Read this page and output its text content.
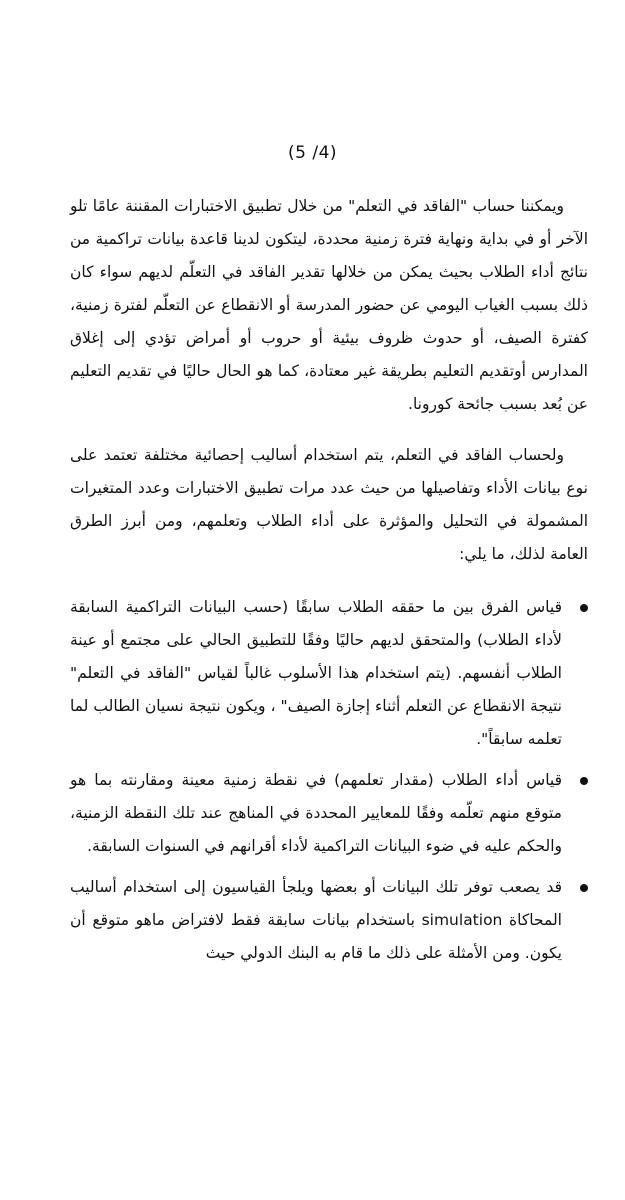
(5 /4)

ويمكننا حساب "الفاقد في التعلم" من خلال تطبيق الاختبارات المقننة عامًا تلو الآخر أو في بداية ونهاية فترة زمنية محددة، ليتكون لدينا قاعدة بيانات تراكمية من نتائج أداء الطلاب بحيث يمكن من خلالها تقدير الفاقد في التعلّم لديهم سواء كان ذلك بسبب الغياب اليومي عن حضور المدرسة أو الانقطاع عن التعلّم لفترة زمنية، كفترة الصيف، أو حدوث ظروف بيئية أو حروب أو أمراض تؤدي إلى إغلاق المدارس أوتقديم التعليم بطريقة غير معتادة، كما هو الحال حاليًا في تقديم التعليم عن بُعد بسبب جائحة كورونا.

ولحساب الفاقد في التعلم، يتم استخدام أساليب إحصائية مختلفة تعتمد على نوع بيانات الأداء وتفاصيلها من حيث عدد مرات تطبيق الاختبارات وعدد المتغيرات المشمولة في التحليل والمؤثرة على أداء الطلاب وتعلمهم، ومن أبرز الطرق العامة لذلك، ما يلي:

قياس الفرق بين ما حققه الطلاب سابقًا (حسب البيانات التراكمية السابقة لأداء الطلاب) والمتحقق لديهم حاليًا وفقًا للتطبيق الحالي على مجتمع أو عينة الطلاب أنفسهم. (يتم استخدام هذا الأسلوب غالباً لقياس "الفاقد في التعلم" نتيجة الانقطاع عن التعلم أثناء إجازة الصيف" ، ويكون نتيجة نسيان الطالب لما تعلمه سابقاً".
قياس أداء الطلاب (مقدار تعلمهم) في نقطة زمنية معينة ومقارنته بما هو متوقع منهم تعلّمه وفقًا للمعايير المحددة في المناهج عند تلك النقطة الزمنية، والحكم عليه في ضوء البيانات التراكمية لأداء أقرانهم في السنوات السابقة.
قد يصعب توفر تلك البيانات أو بعضها ويلجأ القياسيون إلى استخدام أساليب المحاكاة simulation باستخدام بيانات سابقة فقط لافتراض ماهو متوقع أن يكون. ومن الأمثلة على ذلك ما قام به البنك الدولي حيث
